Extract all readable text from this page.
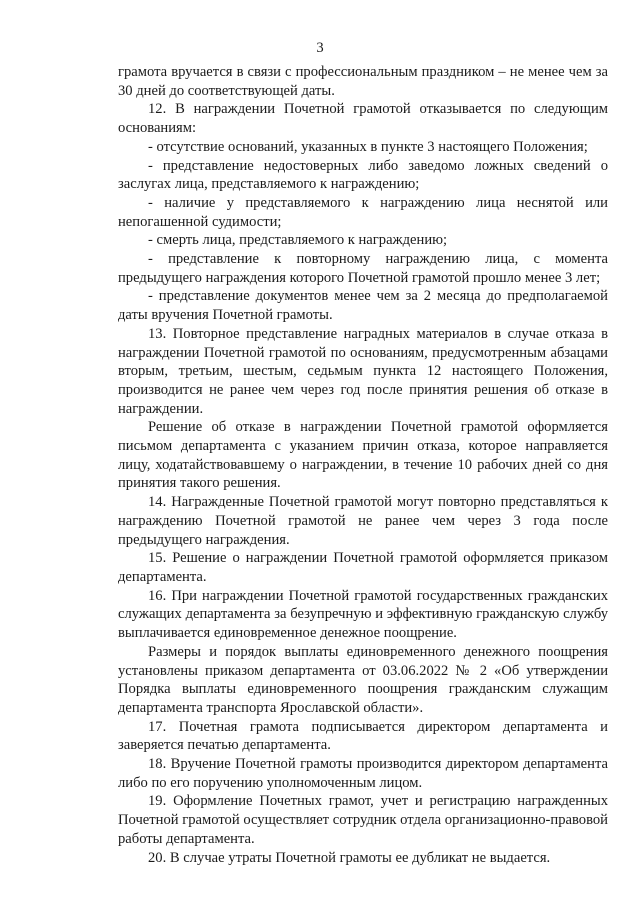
3

грамота вручается в связи с профессиональным праздником – не менее чем за 30 дней до соответствующей даты.

12. В награждении Почетной грамотой отказывается по следующим основаниям:

- отсутствие оснований, указанных в пункте 3 настоящего Положения;

- представление недостоверных либо заведомо ложных сведений о заслугах лица, представляемого к награждению;

- наличие у представляемого к награждению лица неснятой или непогашенной судимости;

- смерть лица, представляемого к награждению;

- представление к повторному награждению лица, с момента предыдущего награждения которого Почетной грамотой прошло менее 3 лет;

- представление документов менее чем за 2 месяца до предполагаемой даты вручения Почетной грамоты.

13. Повторное представление наградных материалов в случае отказа в награждении Почетной грамотой по основаниям, предусмотренным абзацами вторым, третьим, шестым, седьмым пункта 12 настоящего Положения, производится не ранее чем через год после принятия решения об отказе в награждении.

Решение об отказе в награждении Почетной грамотой оформляется письмом департамента с указанием причин отказа, которое направляется лицу, ходатайствовавшему о награждении, в течение 10 рабочих дней со дня принятия такого решения.

14. Награжденные Почетной грамотой могут повторно представляться к награждению Почетной грамотой не ранее чем через 3 года после предыдущего награждения.

15. Решение о награждении Почетной грамотой оформляется приказом департамента.

16. При награждении Почетной грамотой государственных гражданских служащих департамента за безупречную и эффективную гражданскую службу выплачивается единовременное денежное поощрение.

Размеры и порядок выплаты единовременного денежного поощрения установлены приказом департамента от 03.06.2022 № 2 «Об утверждении Порядка выплаты единовременного поощрения гражданским служащим департамента транспорта Ярославской области».

17. Почетная грамота подписывается директором департамента и заверяется печатью департамента.

18. Вручение Почетной грамоты производится директором департамента либо по его поручению уполномоченным лицом.

19. Оформление Почетных грамот, учет и регистрацию награжденных Почетной грамотой осуществляет сотрудник отдела организационно-правовой работы департамента.

20. В случае утраты Почетной грамоты ее дубликат не выдается.
